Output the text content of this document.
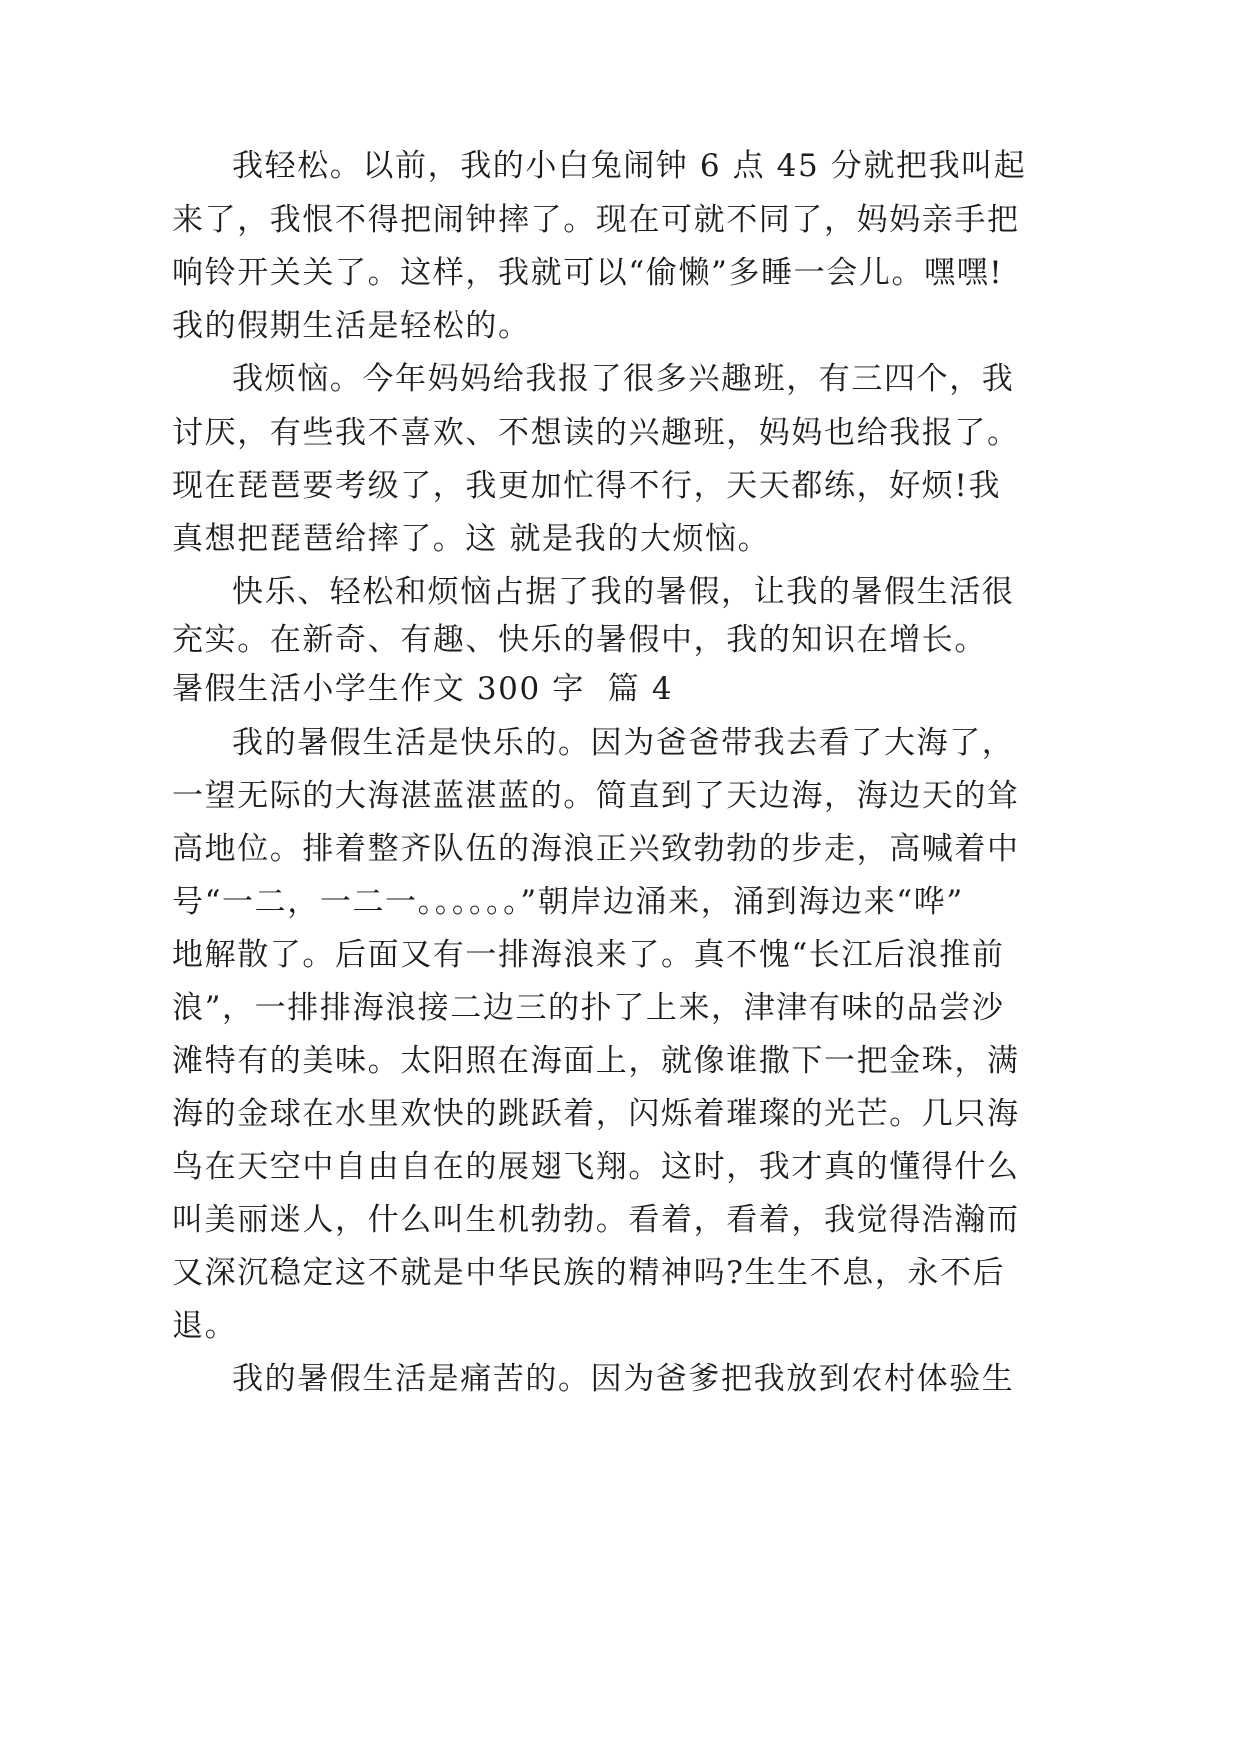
我轻松。以前，我的小白兔闹钟 6 点 45 分就把我叫起
来了，我恨不得把闹钟摔了。现在可就不同了，妈妈亲手把
响铃开关关了。这样，我就可以“偷懒”多睡一会儿。嘿嘿!
我的假期生活是轻松的。
我烦恼。今年妈妈给我报了很多兴趣班，有三四个，我
讨厌，有些我不喜欢、不想读的兴趣班，妈妈也给我报了。
现在琵琶要考级了，我更加忙得不行，天天都练，好烦!我
真想把琵琶给摔了。这 就是我的大烦恼。
快乐、轻松和烦恼占据了我的暑假，让我的暑假生活很
充实。在新奇、有趣、快乐的暑假中，我的知识在增长。
暑假生活小学生作文 300 字  篇 4
我的暑假生活是快乐的。因为爸爸带我去看了大海了，
一望无际的大海湛蓝湛蓝的。简直到了天边海，海边天的耸
高地位。排着整齐队伍的海浪正兴致勃勃的步走，高喊着中
号“一二，一二一。。。。。。”朝岸边涌来，涌到海边来“哗”
地解散了。后面又有一排海浪来了。真不愧“长江后浪推前
浪”，一排排海浪接二边三的扑了上来，津津有味的品尝沙
滩特有的美味。太阳照在海面上，就像谁撒下一把金珠，满
海的金球在水里欢快的跳跃着，闪烁着璀璨的光芒。几只海
鸟在天空中自由自在的展翅飞翔。这时，我才真的懂得什么
叫美丽迷人，什么叫生机勃勃。看着，看着，我觉得浩瀚而
又深沉稳定这不就是中华民族的精神吗?生生不息，永不后
退。
我的暑假生活是痛苦的。因为爸爹把我放到农村体验生
